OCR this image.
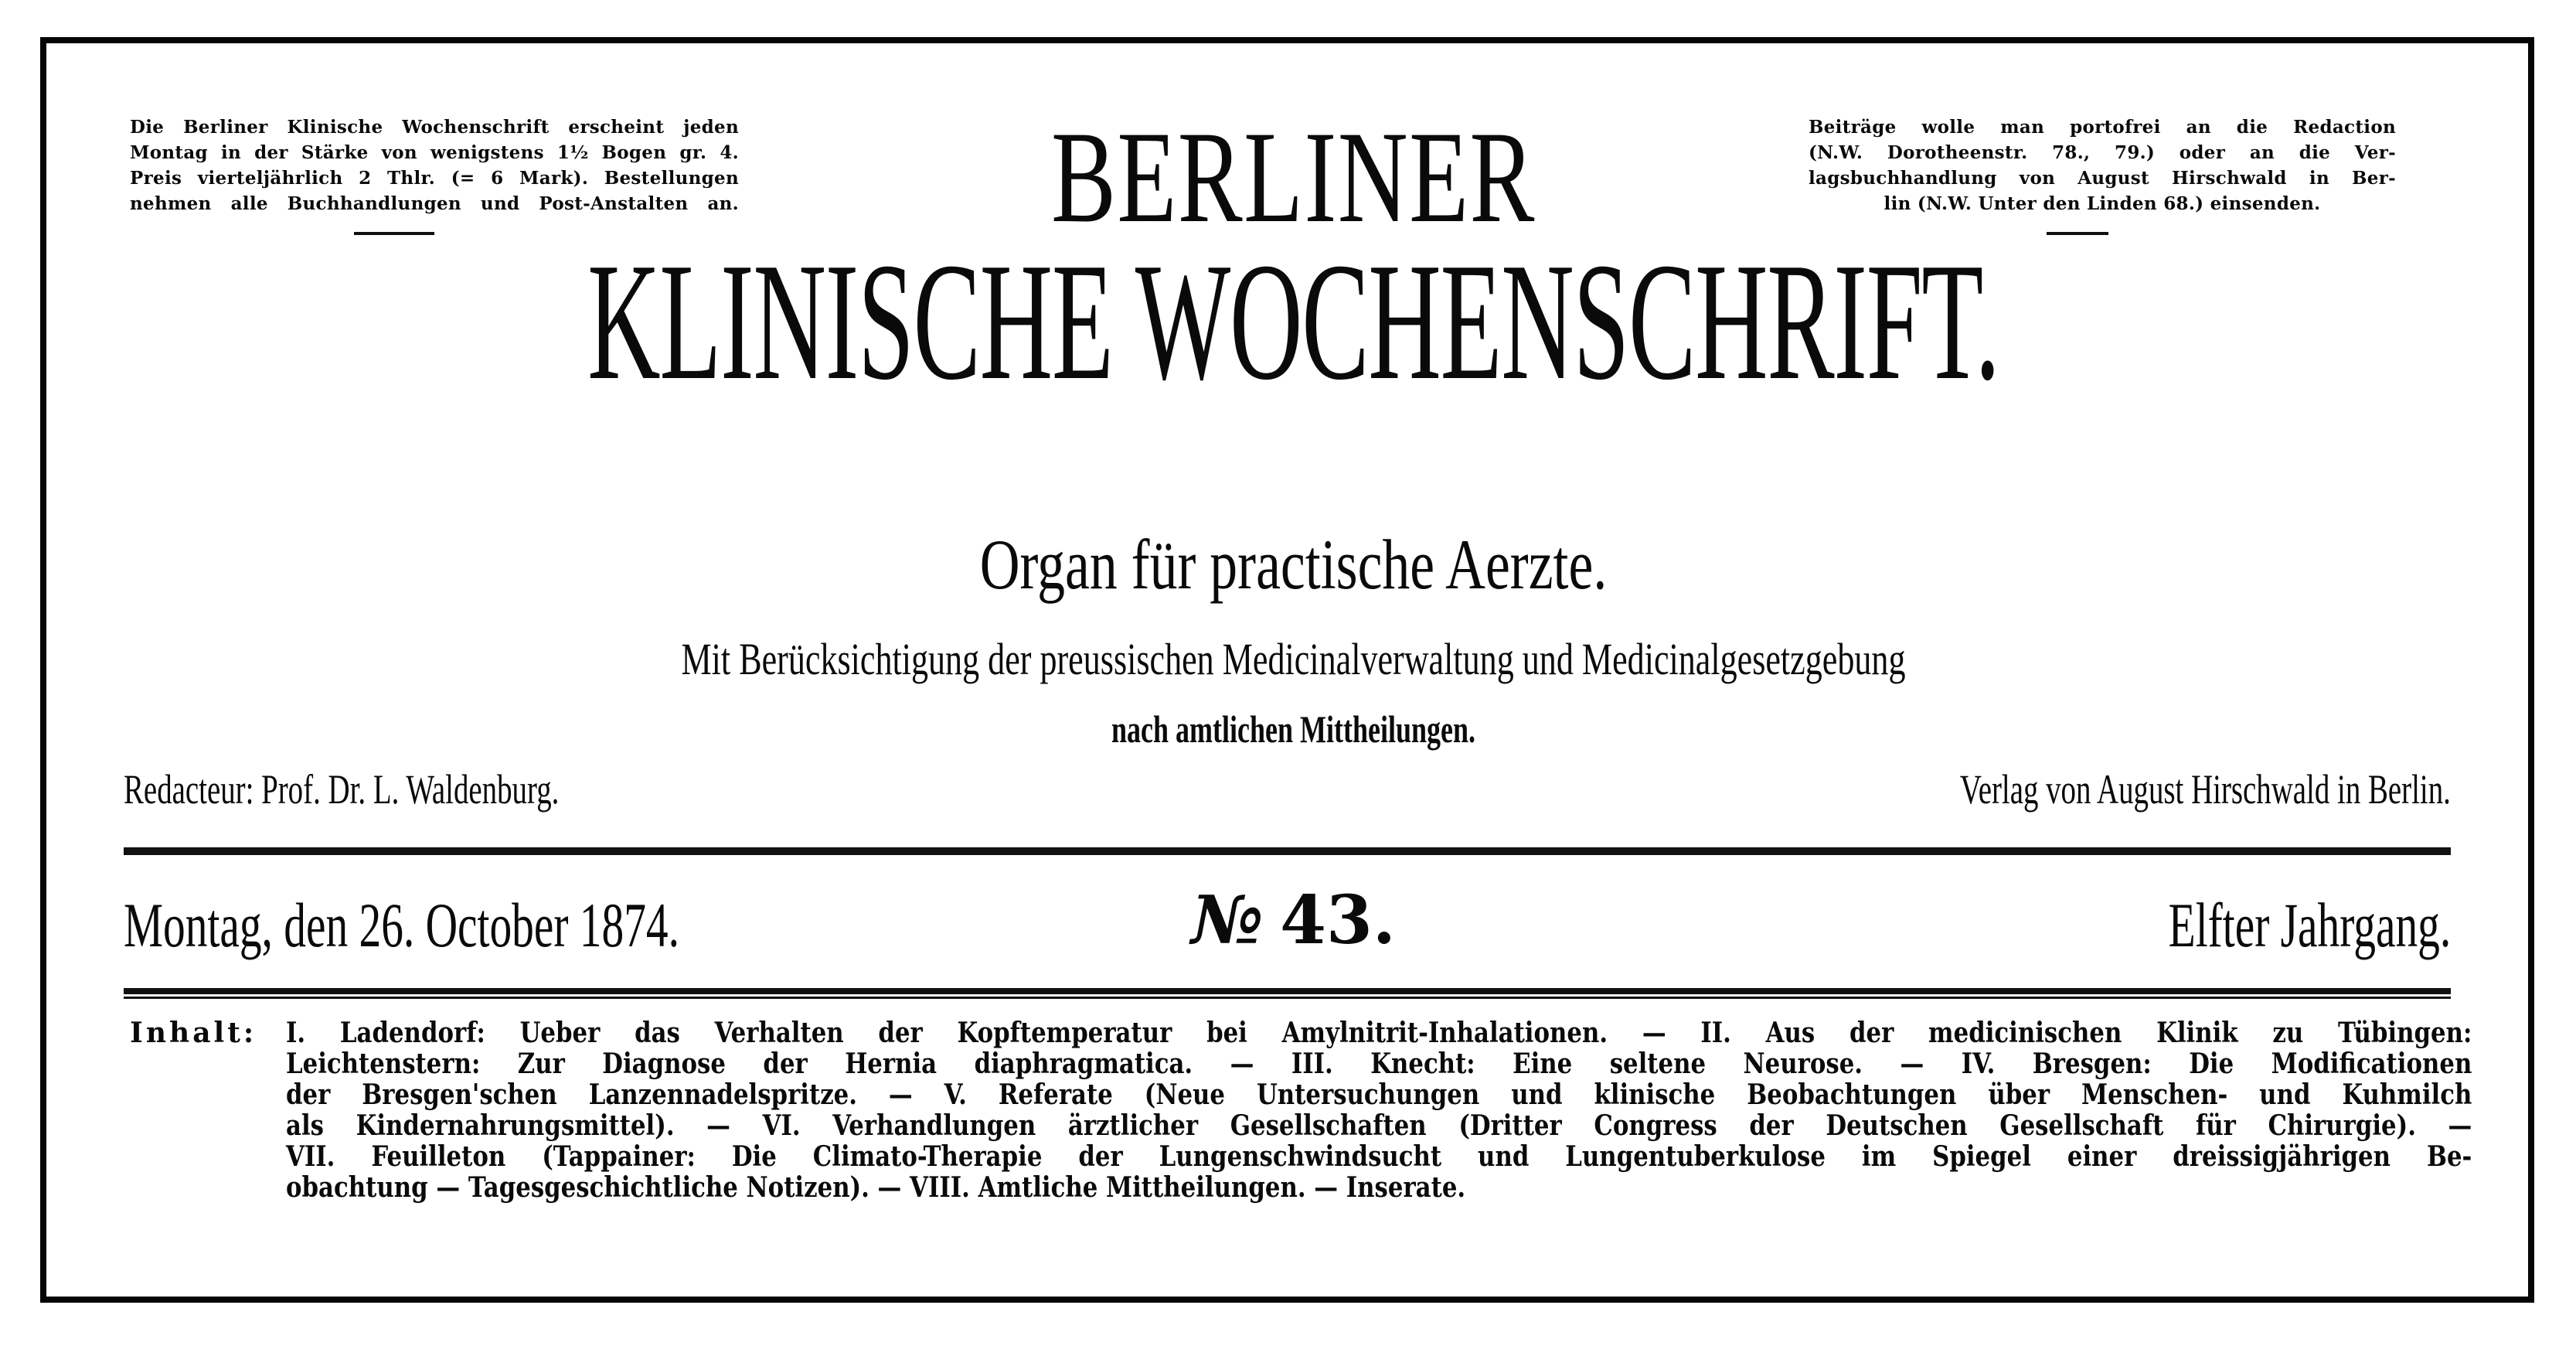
Die Berliner Klinische Wochenschrift erscheint jeden
Montag in der Stärke von wenigstens 1½ Bogen gr. 4.
Preis vierteljährlich 2 Thlr. (= 6 Mark). Bestellungen
nehmen alle Buchhandlungen und Post-Anstalten an.
Beiträge wolle man portofrei an die Redaction
(N.W. Dorotheenstr. 78., 79.) oder an die Ver-
lagsbuchhandlung von August Hirschwald in Ber-
lin (N.W. Unter den Linden 68.) einsenden.
BERLINER
KLINISCHE WOCHENSCHRIFT.
Organ für practische Aerzte.
Mit Berücksichtigung der preussischen Medicinalverwaltung und Medicinalgesetzgebung
nach amtlichen Mittheilungen.
Redacteur: Prof. Dr. L. Waldenburg.	Verlag von August Hirschwald in Berlin.
Montag, den 26. October 1874.	№ 43.	Elfter Jahrgang.
Inhalt: I. Ladendorf: Ueber das Verhalten der Kopftemperatur bei Amylnitrit-Inhalationen. — II. Aus der medicinischen Klinik zu Tübingen:
Leichtenstern: Zur Diagnose der Hernia diaphragmatica. — III. Knecht: Eine seltene Neurose. — IV. Bresgen: Die Modificationen
der Bresgen'schen Lanzennadelspritze. — V. Referate (Neue Untersuchungen und klinische Beobachtungen über Menschen- und Kuhmilch
als Kindernahrungsmittel). — VI. Verhandlungen ärztlicher Gesellschaften (Dritter Congress der Deutschen Gesellschaft für Chirurgie). —
VII. Feuilleton (Tappainer: Die Climato-Therapie der Lungenschwindsucht und Lungentuberkulose im Spiegel einer dreissigjährigen Be-
obachtung — Tagesgeschichtliche Notizen). — VIII. Amtliche Mittheilungen. — Inserate.
